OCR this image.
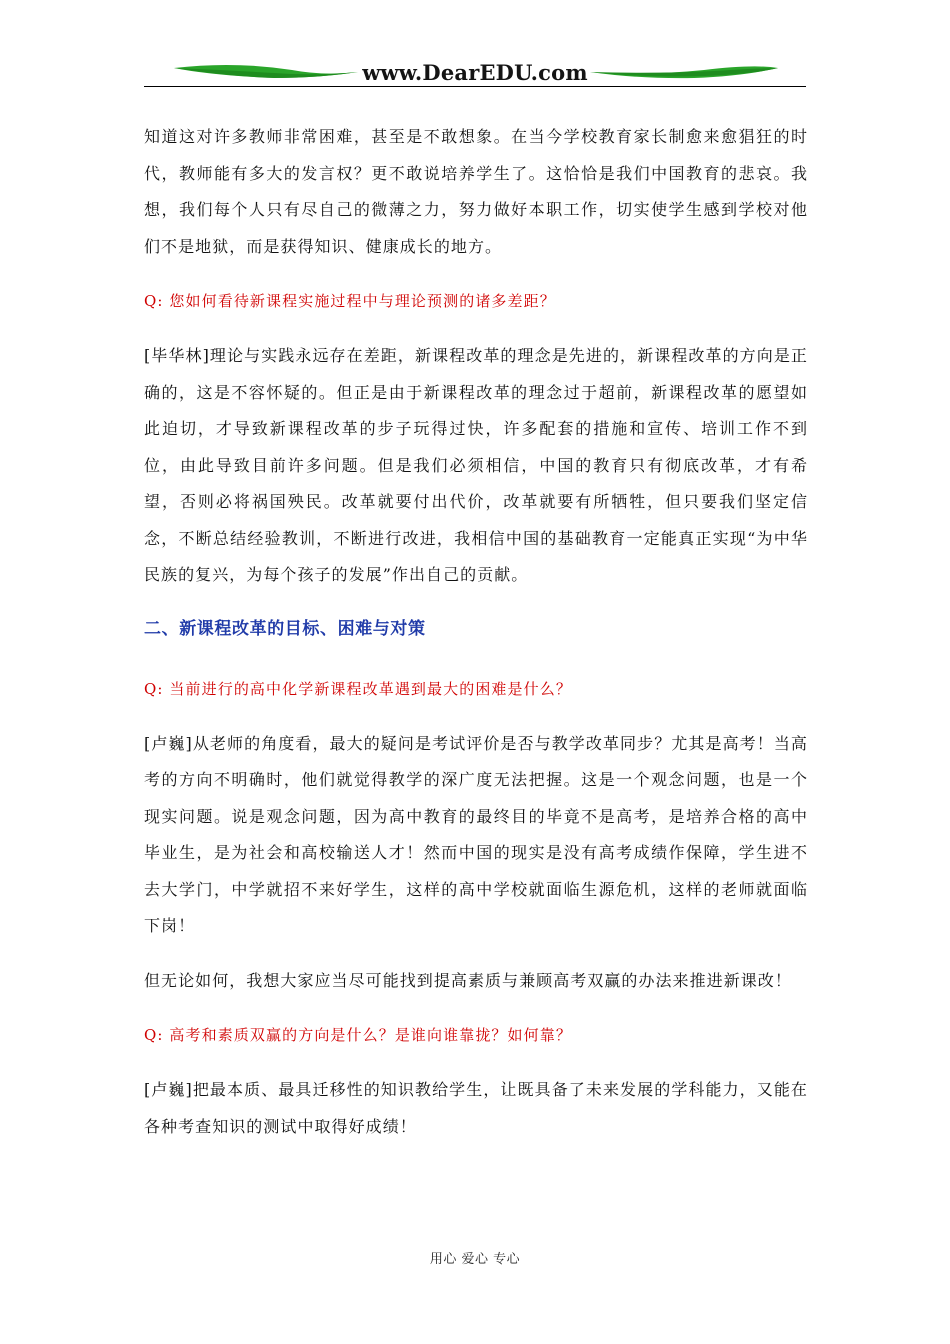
www.DearEDU.com

知道这对许多教师非常困难，甚至是不敢想象。在当今学校教育家长制愈来愈猖狂的时代，教师能有多大的发言权？更不敢说培养学生了。这恰恰是我们中国教育的悲哀。我想，我们每个人只有尽自己的微薄之力，努力做好本职工作，切实使学生感到学校对他们不是地狱，而是获得知识、健康成长的地方。

Q: 您如何看待新课程实施过程中与理论预测的诸多差距？

[毕华林]理论与实践永远存在差距，新课程改革的理念是先进的，新课程改革的方向是正确的，这是不容怀疑的。但正是由于新课程改革的理念过于超前，新课程改革的愿望如此迫切，才导致新课程改革的步子玩得过快，许多配套的措施和宣传、培训工作不到位，由此导致目前许多问题。但是我们必须相信，中国的教育只有彻底改革，才有希望，否则必将祸国殃民。改革就要付出代价，改革就要有所牺牲，但只要我们坚定信念，不断总结经验教训，不断进行改进，我相信中国的基础教育一定能真正实现“为中华民族的复兴，为每个孩子的发展”作出自己的贡献。

二、新课程改革的目标、困难与对策

Q: 当前进行的高中化学新课程改革遇到最大的困难是什么？

[卢巍]从老师的角度看，最大的疑问是考试评价是否与教学改革同步？尤其是高考！当高考的方向不明确时，他们就觉得教学的深广度无法把握。这是一个观念问题，也是一个现实问题。说是观念问题，因为高中教育的最终目的毕竟不是高考，是培养合格的高中毕业生，是为社会和高校输送人才！然而中国的现实是没有高考成绩作保障，学生进不去大学门，中学就招不来好学生，这样的高中学校就面临生源危机，这样的老师就面临下岗！

但无论如何，我想大家应当尽可能找到提高素质与兼顾高考双赢的办法来推进新课改！

Q: 高考和素质双赢的方向是什么？是谁向谁靠拢？如何靠？

[卢巍]把最本质、最具迁移性的知识教给学生，让既具备了未来发展的学科能力，又能在各种考查知识的测试中取得好成绩！

用心 爱心 专心
